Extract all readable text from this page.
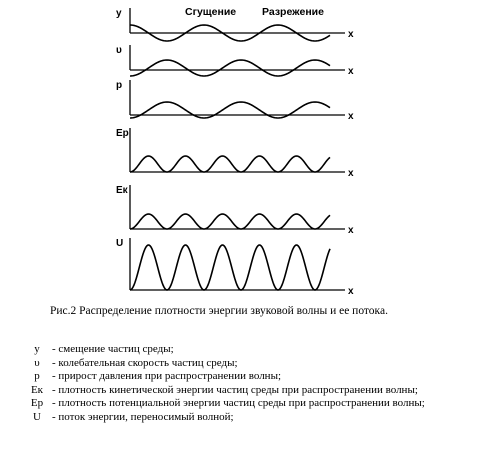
Сгущение Разрежение
y
x
υ
x
p
x
Eр
x
Eк
x
U
x
Рис.2 Распределение плотности энергии звуковой волны и ее потока.
y	- смещение частиц среды;
υ	- колебательная скорость частиц среды;
p	- прирост давления при распространении волны;
Eк - плотность кинетической энергии частиц среды при распространении волны;
Eр - плотность потенциальной энергии частиц среды при распространении волны;
U	- поток энергии, переносимый волной;
